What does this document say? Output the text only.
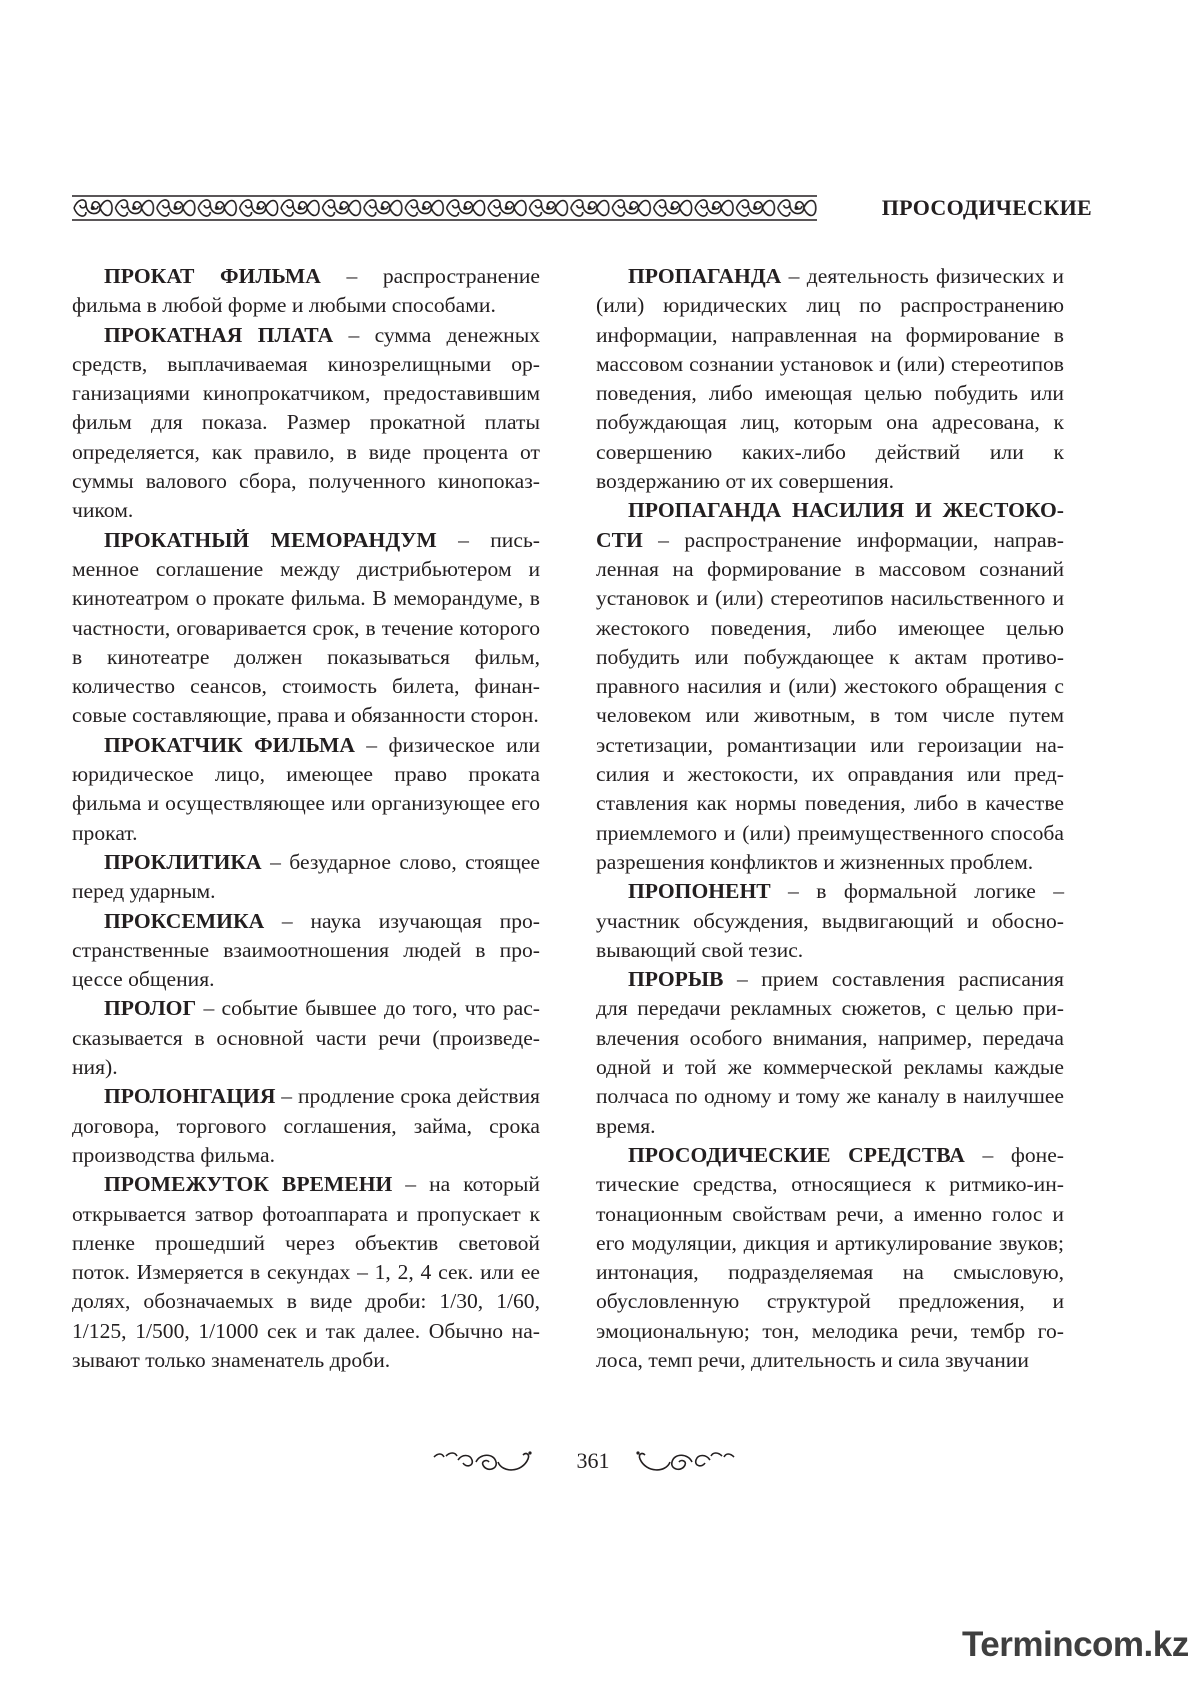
ПРОСОДИЧЕСКИЕ

ПРОКАТ ФИЛЬМА – распространение фильма в любой форме и любыми способами.

ПРОКАТНАЯ ПЛАТА – сумма денежных средств, выплачиваемая кинозрелищными организациями кинопрокатчиком, предоставившим фильм для показа. Размер прокатной платы определяется, как правило, в виде процента от суммы валового сбора, полученного кинопоказчиком.

ПРОКАТНЫЙ МЕМОРАНДУМ – письменное соглашение между дистрибьютером и кинотеатром о прокате фильма. В меморандуме, в частности, оговаривается срок, в течение которого в кинотеатре должен показываться фильм, количество сеансов, стоимость билета, финансовые составляющие, права и обязанности сторон.

ПРОКАТЧИК ФИЛЬМА – физическое или юридическое лицо, имеющее право проката фильма и осуществляющее или организующее его прокат.

ПРОКЛИТИКА – безударное слово, стоящее перед ударным.

ПРОКСЕМИКА – наука изучающая пространственные взаимоотношения людей в процессе общения.

ПРОЛОГ – событие бывшее до того, что рассказывается в основной части речи (произведения).

ПРОЛОНГАЦИЯ – продление срока действия договора, торгового соглашения, займа, срока производства фильма.

ПРОМЕЖУТОК ВРЕМЕНИ – на который открывается затвор фотоаппарата и пропускает к пленке прошедший через объектив световой поток. Измеряется в секундах – 1, 2, 4 сек. или ее долях, обозначаемых в виде дроби: 1/30, 1/60, 1/125, 1/500, 1/1000 сек и так далее. Обычно называют только знаменатель дроби.

ПРОПАГАНДА – деятельность физических и (или) юридических лиц по распространению информации, направленная на формирование в массовом сознании установок и (или) стереотипов поведения, либо имеющая целью побудить или побуждающая лиц, которым она адресована, к совершению каких-либо действий или к воздержанию от их совершения.

ПРОПАГАНДА НАСИЛИЯ И ЖЕСТОКОСТИ – распространение информации, направленная на формирование в массовом сознаний установок и (или) стереотипов насильственного и жестокого поведения, либо имеющее целью побудить или побуждающее к актам противоправного насилия и (или) жестокого обращения с человеком или животным, в том числе путем эстетизации, романтизации или героизации насилия и жестокости, их оправдания или представления как нормы поведения, либо в качестве приемлемого и (или) преимущественного способа разрешения конфликтов и жизненных проблем.

ПРОПОНЕНТ – в формальной логике – участник обсуждения, выдвигающий и обосновывающий свой тезис.

ПРОРЫВ – прием составления расписания для передачи рекламных сюжетов, с целью привлечения особого внимания, например, передача одной и той же коммерческой рекламы каждые полчаса по одному и тому же каналу в наилучшее время.

ПРОСОДИЧЕСКИЕ СРЕДСТВА – фонетические средства, относящиеся к ритмико-интонационным свойствам речи, а именно голос и его модуляции, дикция и артикулирование звуков; интонация, подразделяемая на смысловую, обусловленную структурой предложения, и эмоциональную; тон, мелодика речи, тембр голоса, темп речи, длительность и сила звучании

361
Termincom.kz
